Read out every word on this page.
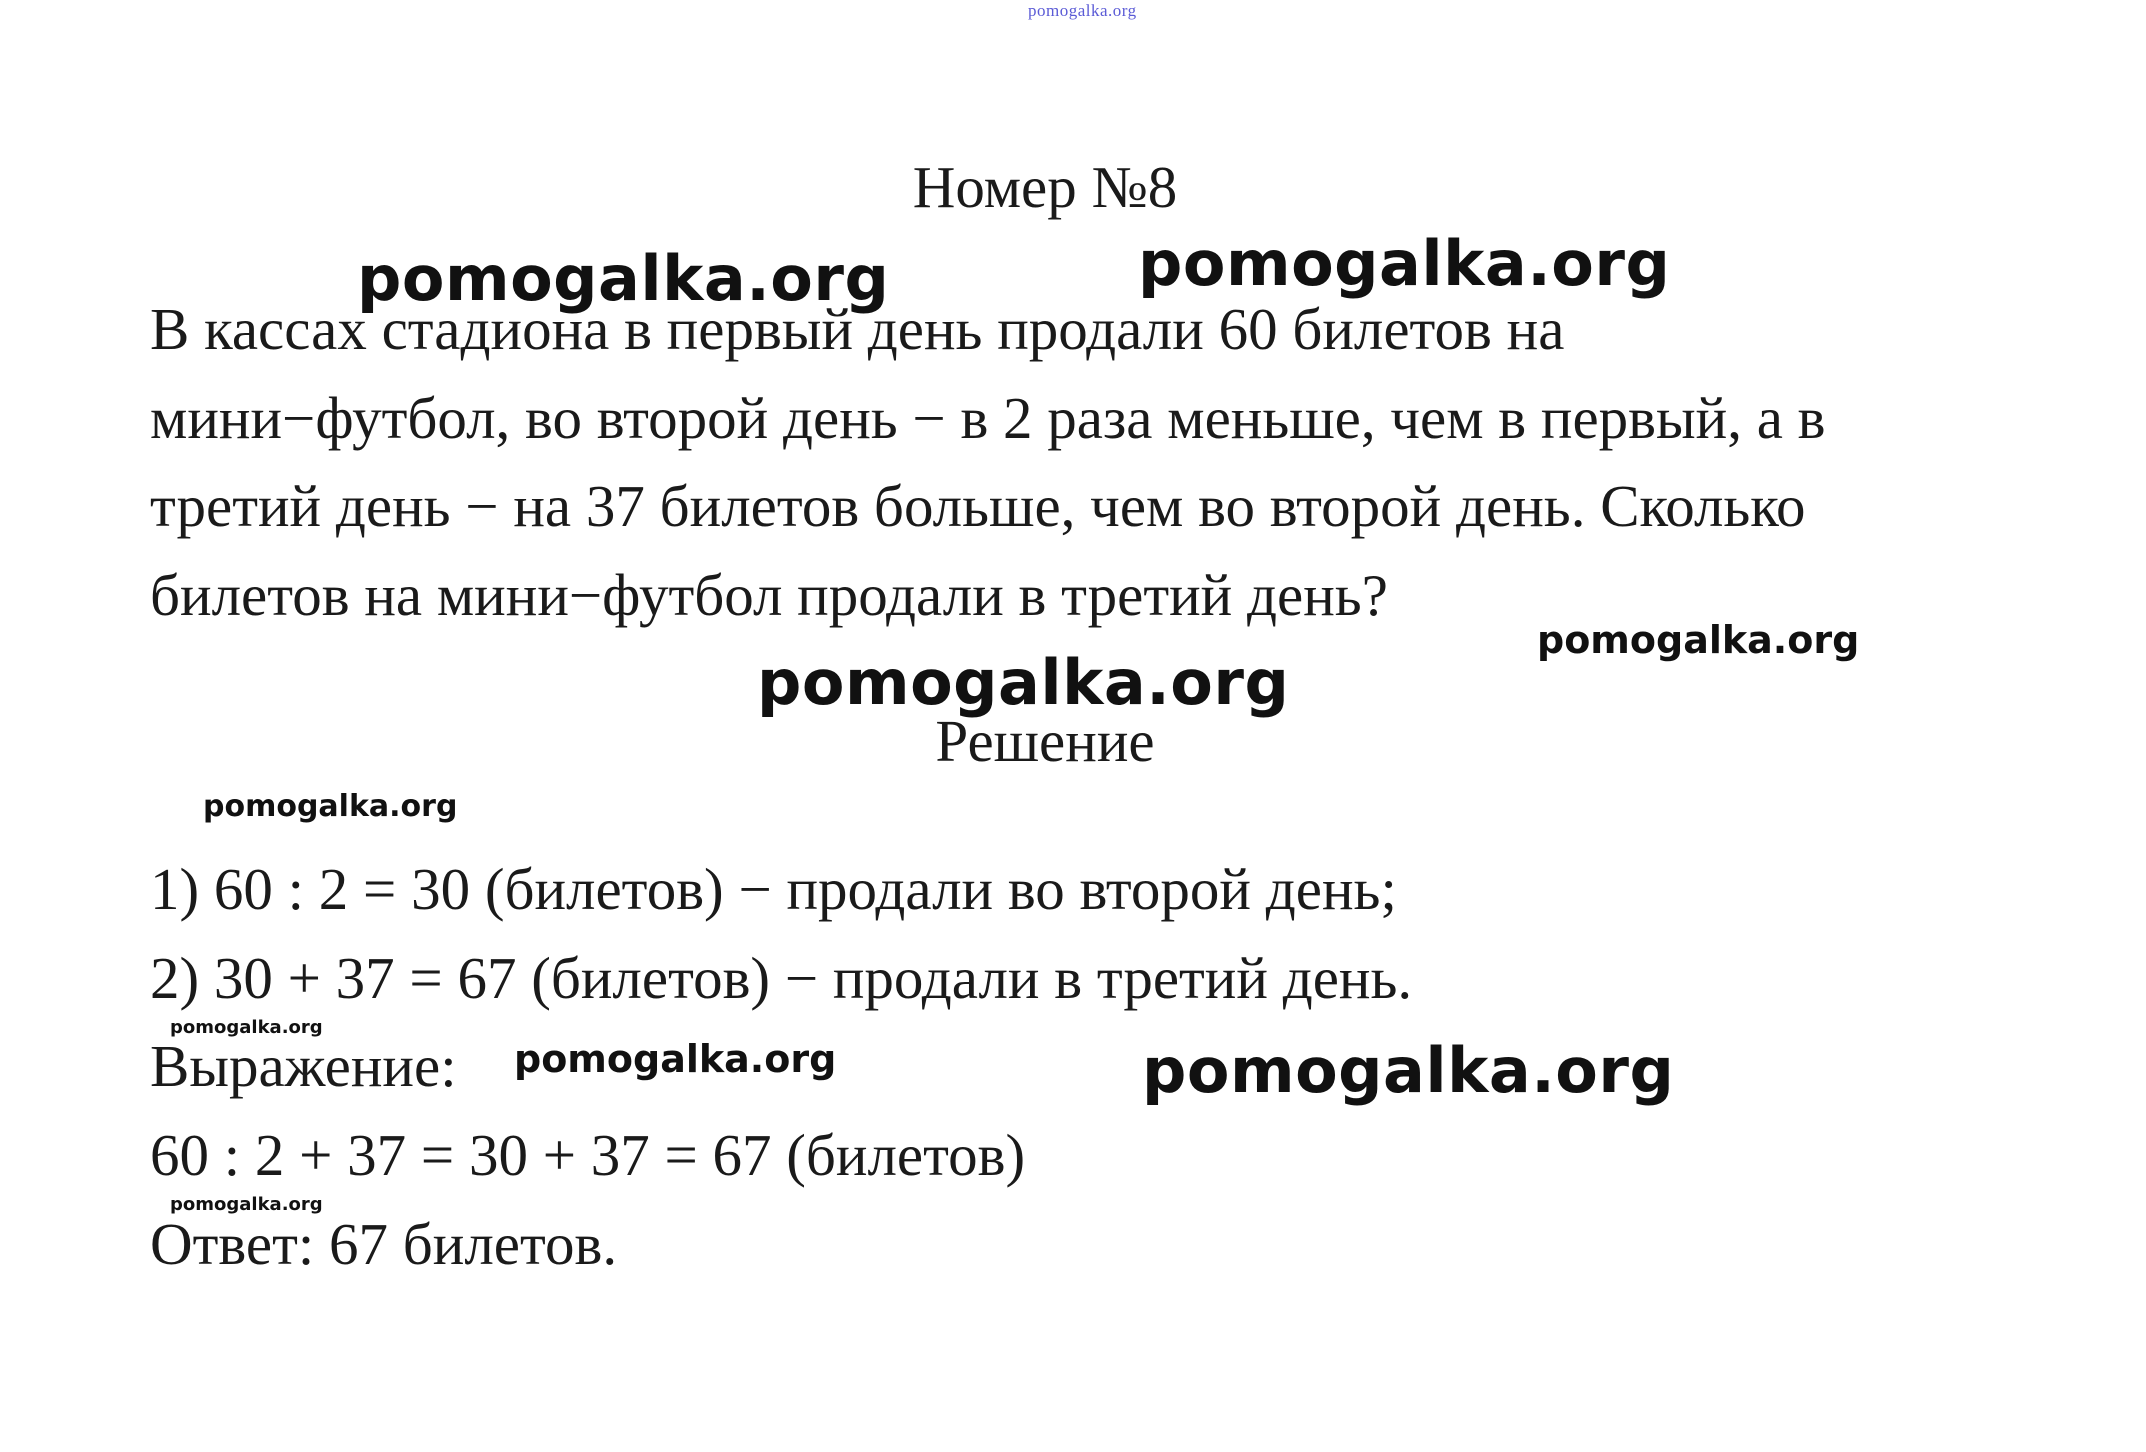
pomogalka.org
Номер №8
В кассах стадиона в первый день продали 60 билетов на
мини−футбол, во второй день − в 2 раза меньше, чем в первый, а в
третий день − на 37 билетов больше, чем во второй день. Сколько
билетов на мини−футбол продали в третий день?
Решение
1) 60 : 2 = 30 (билетов) − продали во второй день;
2) 30 + 37 = 67 (билетов) − продали в третий день.
Выражение:
60 : 2 + 37 = 30 + 37 = 67 (билетов)
Ответ: 67 билетов.
pomogalka.org	pomogalka.org
pomogalka.org
pomogalka.org
pomogalka.org
pomogalka.org
pomogalka.org	pomogalka.org
pomogalka.org
